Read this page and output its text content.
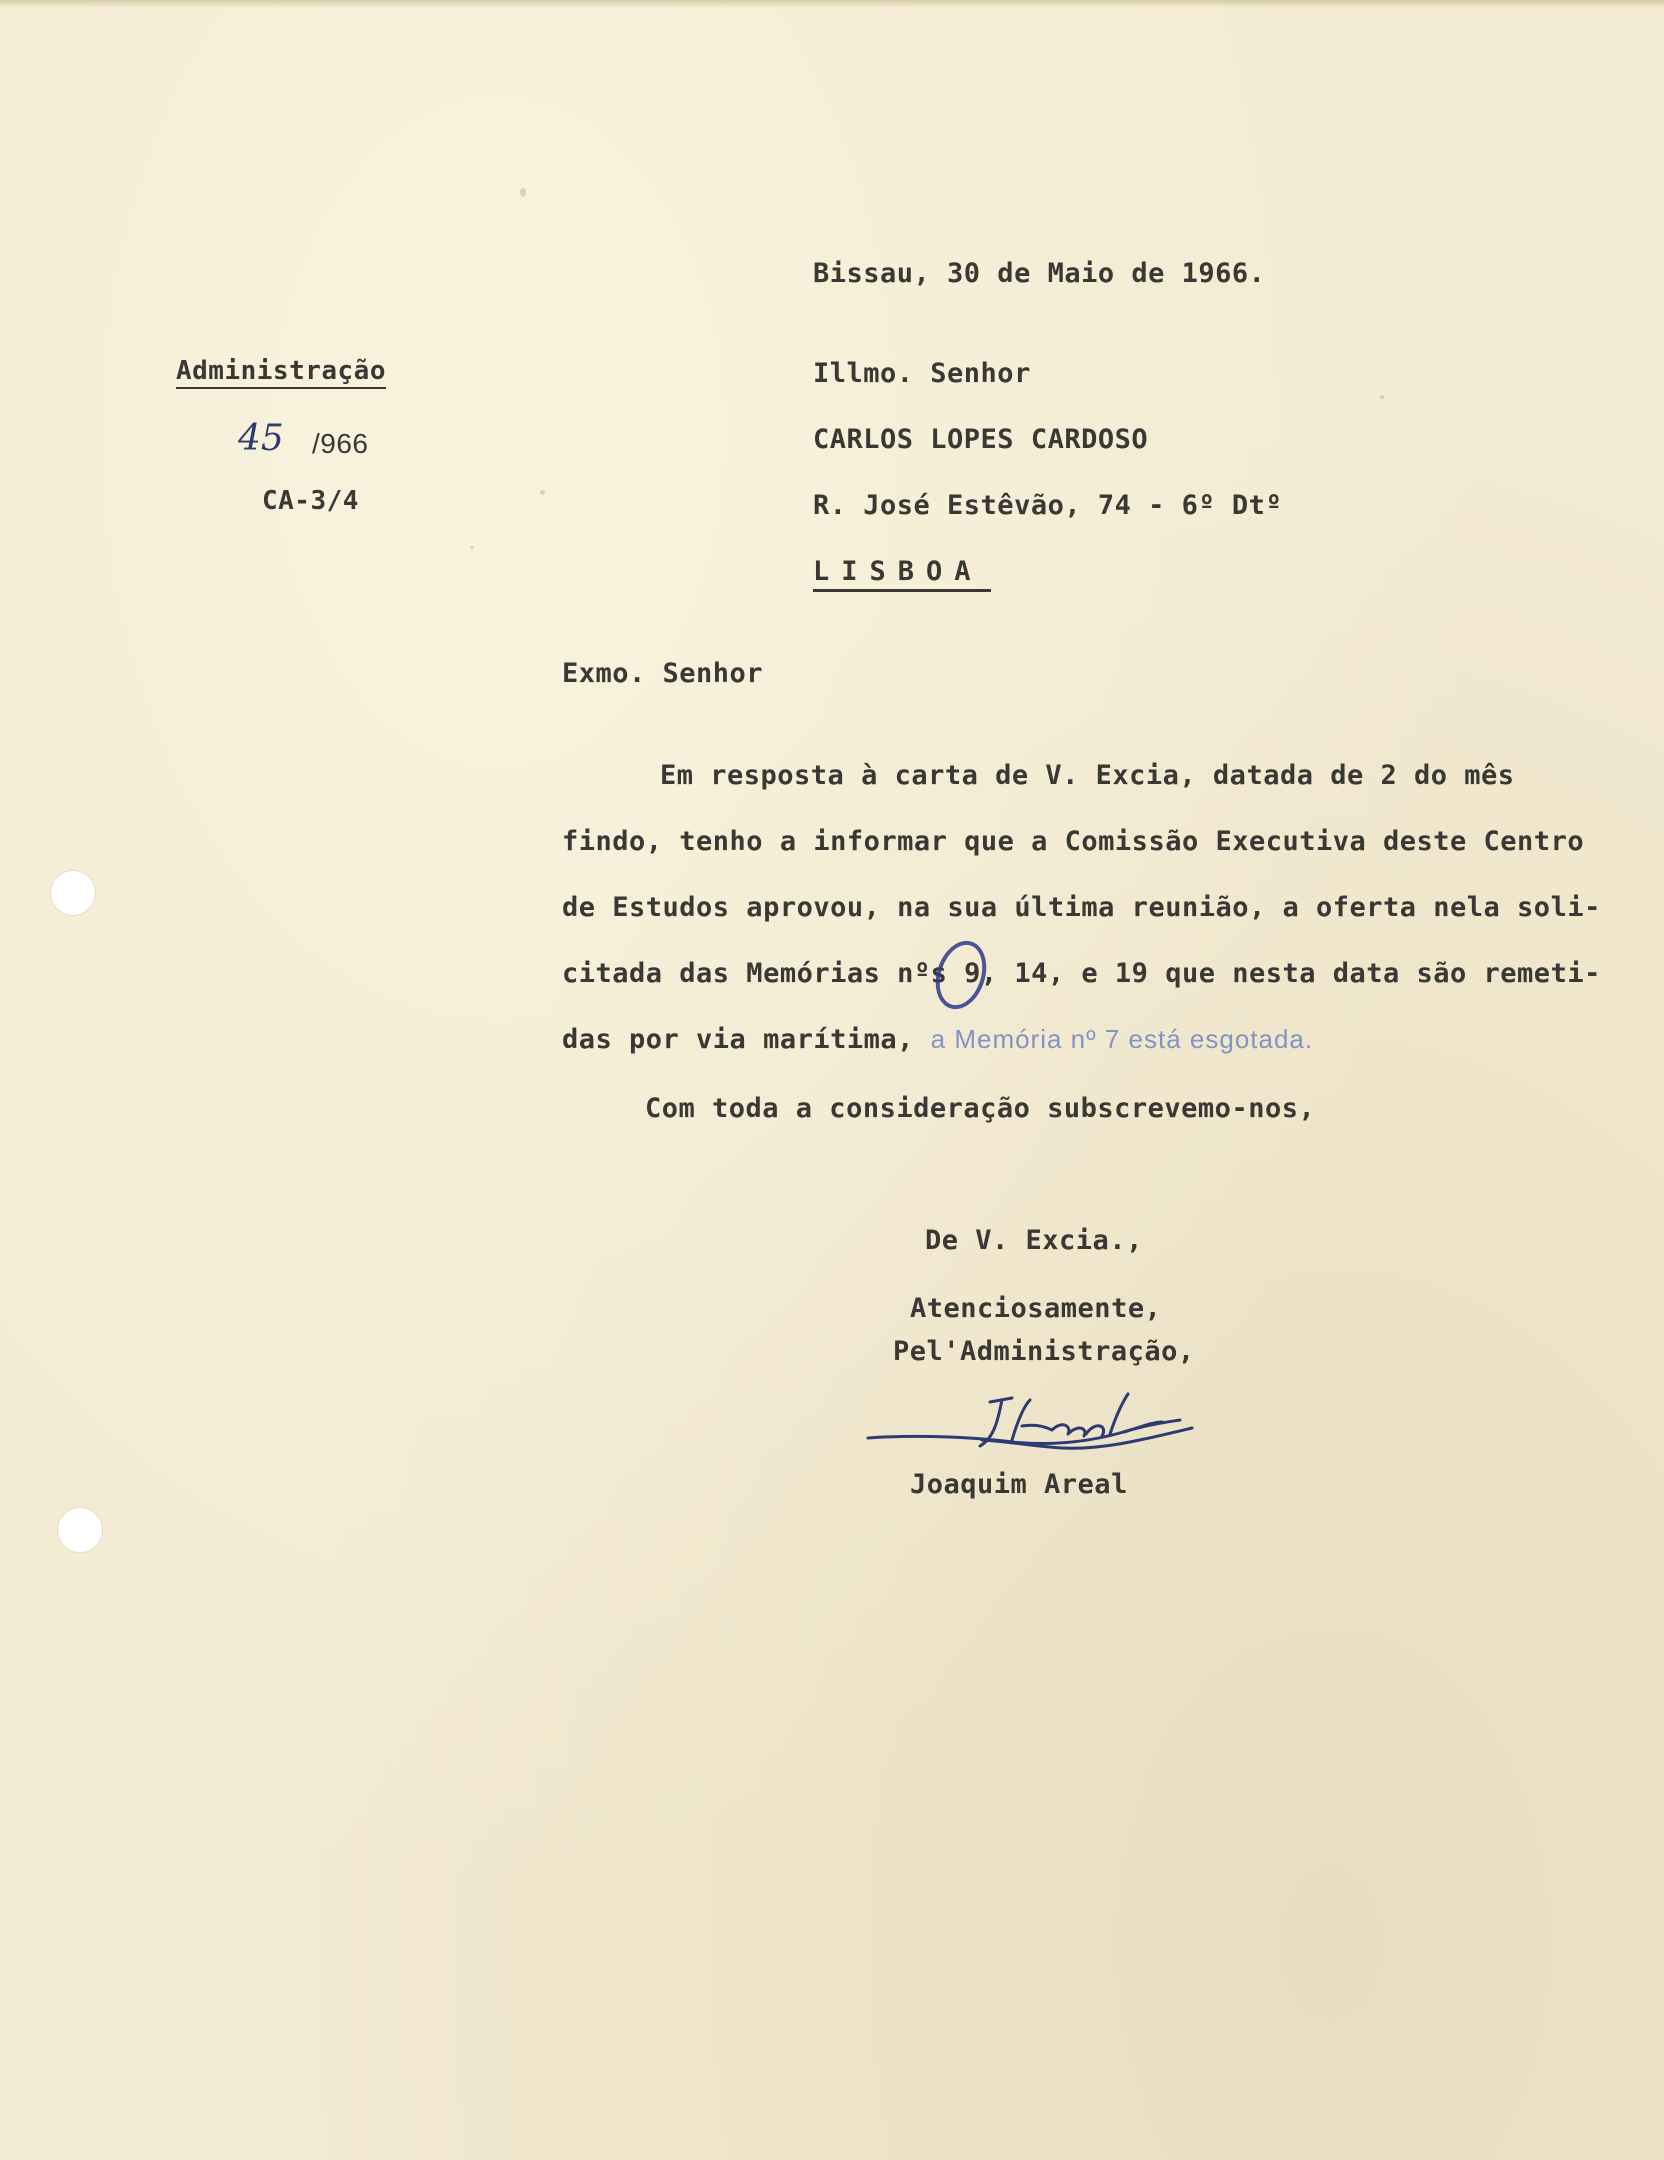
Bissau, 30 de Maio de 1966.
Administração
45 /966
CA-3/4
Illmo. Senhor
CARLOS LOPES CARDOSO
R. José Estêvão, 74 - 6º Dtº
LISBOA
Exmo. Senhor
Em resposta à carta de V. Excia, datada de 2 do mês
findo, tenho a informar que a Comissão Executiva deste Centro
de Estudos aprovou, na sua última reunião, a oferta nela soli-
citada das Memórias nºs 9, 14, e 19 que nesta data são remeti-
das por via marítima, a Memória nº 7 está esgotada.
Com toda a consideração subscrevemo-nos,
De V. Excia.,
Atenciosamente,
Pel'Administração,
Joaquim Areal
